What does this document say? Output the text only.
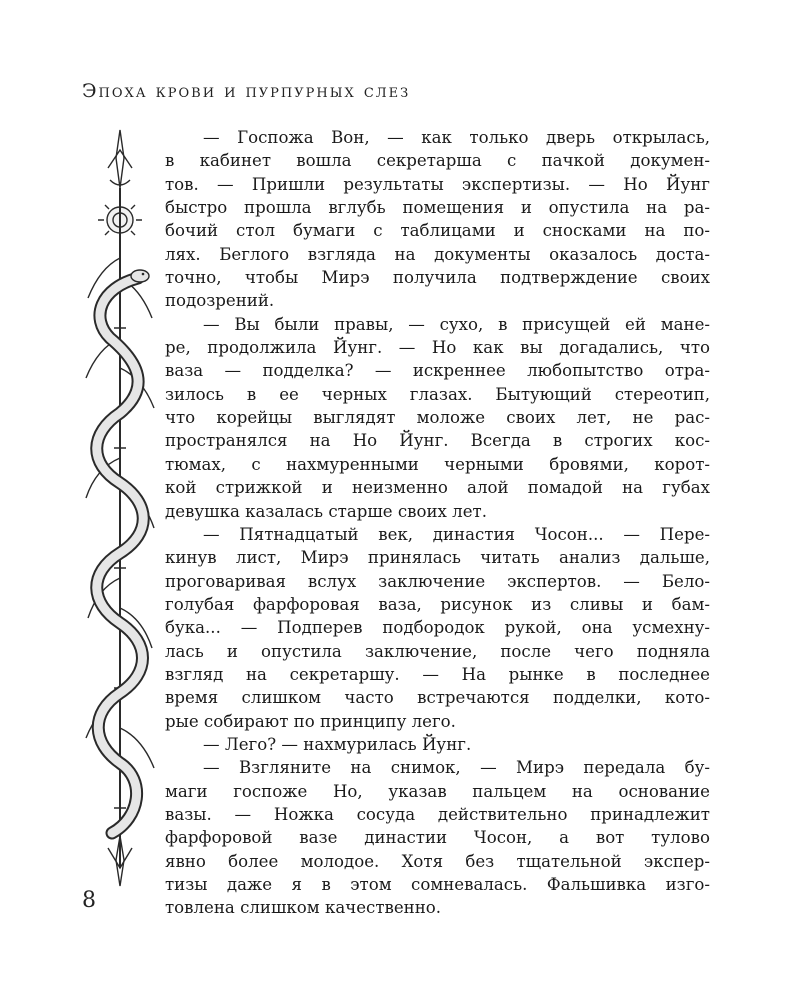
Эпоха крови и пурпурных слез
— Госпожа Вон, — как только дверь открылась,
в кабинет вошла секретарша с пачкой докумен-
тов. — Пришли результаты экспертизы. — Но Йунг
быстро прошла вглубь помещения и опустила на ра-
бочий стол бумаги с таблицами и сносками на по-
лях. Беглого взгляда на документы оказалось доста-
точно, чтобы Мирэ получила подтверждение своих
подозрений.
— Вы были правы, — сухо, в присущей ей мане-
ре, продолжила Йунг. — Но как вы догадались, что
ваза — подделка? — искреннее любопытство отра-
зилось в ее черных глазах. Бытующий стереотип,
что корейцы выглядят моложе своих лет, не рас-
пространялся на Но Йунг. Всегда в строгих кос-
тюмах, с нахмуренными черными бровями, корот-
кой стрижкой и неизменно алой помадой на губах
девушка казалась старше своих лет.
— Пятнадцатый век, династия Чосон... — Пере-
кинув лист, Мирэ принялась читать анализ дальше,
проговаривая вслух заключение экспертов. — Бело-
голубая фарфоровая ваза, рисунок из сливы и бам-
бука... — Подперев подбородок рукой, она усмехну-
лась и опустила заключение, после чего подняла
взгляд на секретаршу. — На рынке в последнее
время слишком часто встречаются подделки, кото-
рые собирают по принципу лего.
— Лего? — нахмурилась Йунг.
— Взгляните на снимок, — Мирэ передала бу-
маги госпоже Но, указав пальцем на основание
вазы. — Ножка сосуда действительно принадлежит
фарфоровой вазе династии Чосон, а вот тулово
явно более молодое. Хотя без тщательной экспер-
тизы даже я в этом сомневалась. Фальшивка изго-
товлена слишком качественно.
8
